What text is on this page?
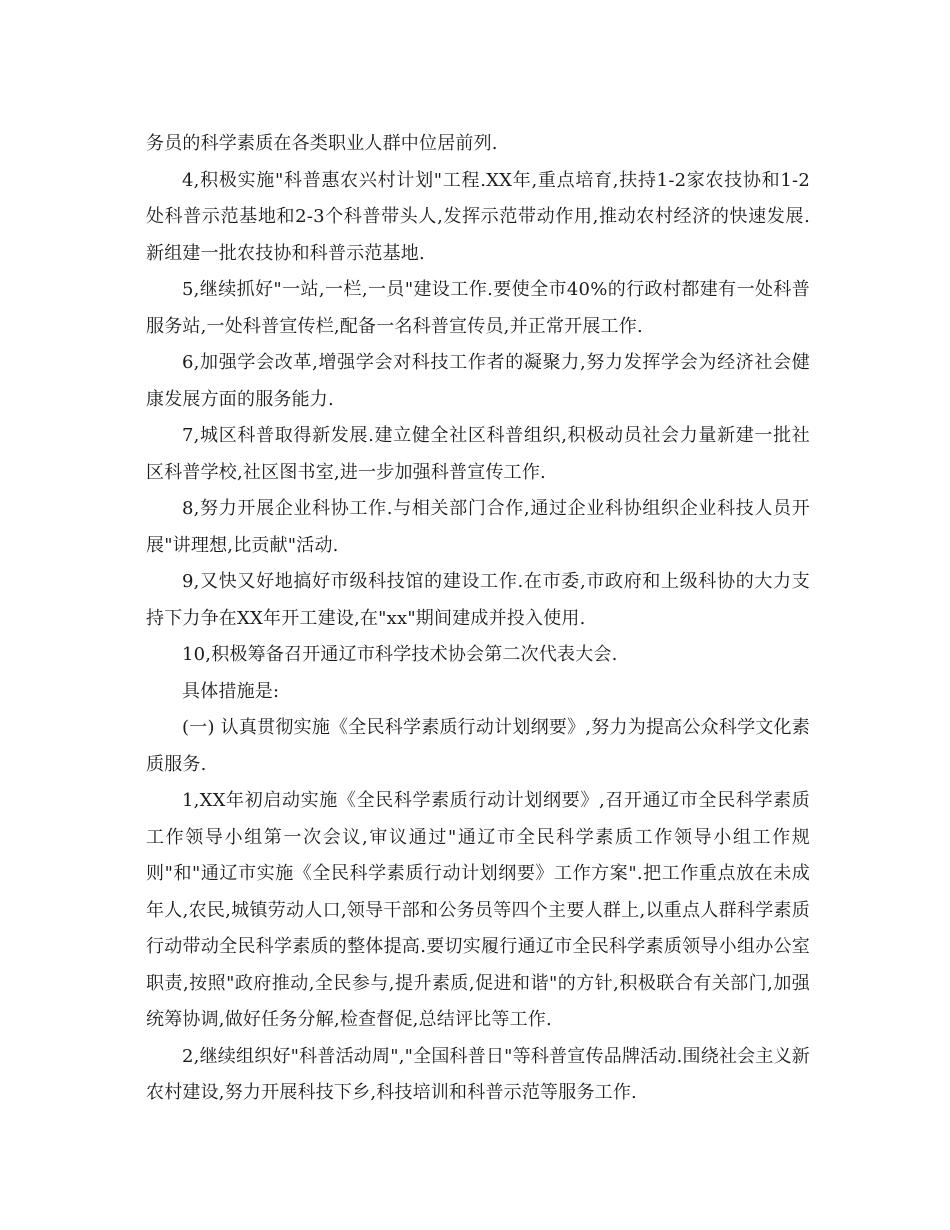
务员的科学素质在各类职业人群中位居前列.

4,积极实施"科普惠农兴村计划"工程.XX年,重点培育,扶持1-2家农技协和1-2处科普示范基地和2-3个科普带头人,发挥示范带动作用,推动农村经济的快速发展.新组建一批农技协和科普示范基地.

5,继续抓好"一站,一栏,一员"建设工作.要使全市40%的行政村都建有一处科普服务站,一处科普宣传栏,配备一名科普宣传员,并正常开展工作.

6,加强学会改革,增强学会对科技工作者的凝聚力,努力发挥学会为经济社会健康发展方面的服务能力.

7,城区科普取得新发展.建立健全社区科普组织,积极动员社会力量新建一批社区科普学校,社区图书室,进一步加强科普宣传工作.

8,努力开展企业科协工作.与相关部门合作,通过企业科协组织企业科技人员开展"讲理想,比贡献"活动.

9,又快又好地搞好市级科技馆的建设工作.在市委,市政府和上级科协的大力支持下力争在XX年开工建设,在"xx"期间建成并投入使用.

10,积极筹备召开通辽市科学技术协会第二次代表大会.

具体措施是:

(一) 认真贯彻实施《全民科学素质行动计划纲要》,努力为提高公众科学文化素质服务.

1,XX年初启动实施《全民科学素质行动计划纲要》,召开通辽市全民科学素质工作领导小组第一次会议,审议通过"通辽市全民科学素质工作领导小组工作规则"和"通辽市实施《全民科学素质行动计划纲要》工作方案".把工作重点放在未成年人,农民,城镇劳动人口,领导干部和公务员等四个主要人群上,以重点人群科学素质行动带动全民科学素质的整体提高.要切实履行通辽市全民科学素质领导小组办公室职责,按照"政府推动,全民参与,提升素质,促进和谐"的方针,积极联合有关部门,加强统筹协调,做好任务分解,检查督促,总结评比等工作.

2,继续组织好"科普活动周","全国科普日"等科普宣传品牌活动.围绕社会主义新农村建设,努力开展科技下乡,科技培训和科普示范等服务工作.
